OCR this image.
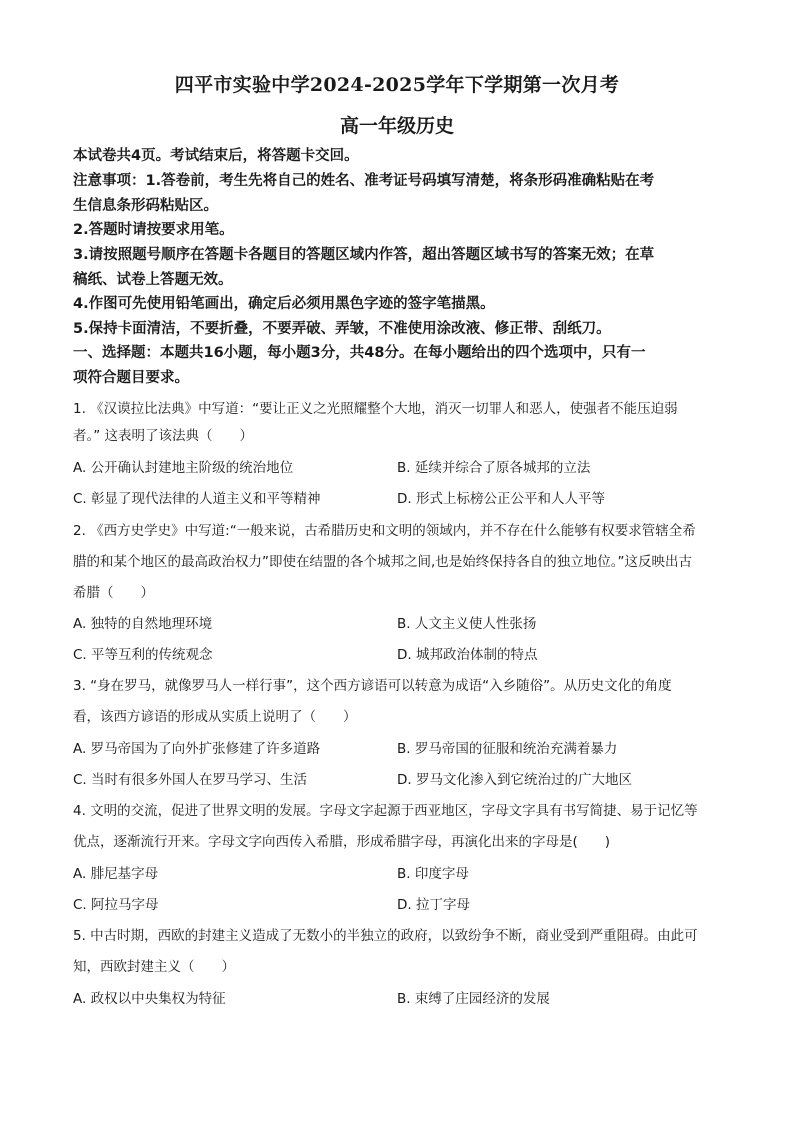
四平市实验中学2024-2025学年下学期第一次月考
高一年级历史
本试卷共4页。考试结束后，将答题卡交回。
注意事项：1.答卷前，考生先将自己的姓名、准考证号码填写清楚，将条形码准确粘贴在考
生信息条形码粘贴区。
2.答题时请按要求用笔。
3.请按照题号顺序在答题卡各题目的答题区域内作答，超出答题区域书写的答案无效；在草
稿纸、试卷上答题无效。
4.作图可先使用铅笔画出，确定后必须用黑色字迹的签字笔描黑。
5.保持卡面清洁，不要折叠，不要弄破、弄皱，不准使用涂改液、修正带、刮纸刀。
一、选择题：本题共16小题，每小题3分，共48分。在每小题给出的四个选项中，只有一
项符合题目要求。
1. 《汉谟拉比法典》中写道：“要让正义之光照耀整个大地，消灭一切罪人和恶人，使强者不能压迫弱
者。” 这表明了该法典（　　）
A. 公开确认封建地主阶级的统治地位	B. 延续并综合了原各城邦的立法
C. 彰显了现代法律的人道主义和平等精神	D. 形式上标榜公正公平和人人平等
2. 《西方史学史》中写道:“一般来说，古希腊历史和文明的领域内，并不存在什么能够有权要求管辖全希
腊的和某个地区的最高政治权力”即使在结盟的各个城邦之间,也是始终保持各自的独立地位。”这反映出古
希腊（　　）
A. 独特的自然地理环境	B. 人文主义使人性张扬
C. 平等互利的传统观念	D. 城邦政治体制的特点
3. “身在罗马，就像罗马人一样行事”，这个西方谚语可以转意为成语“入乡随俗”。从历史文化的角度
看，该西方谚语的形成从实质上说明了（　　）
A. 罗马帝国为了向外扩张修建了许多道路	B. 罗马帝国的征服和统治充满着暴力
C. 当时有很多外国人在罗马学习、生活	D. 罗马文化渗入到它统治过的广大地区
4. 文明的交流，促进了世界文明的发展。字母文字起源于西亚地区，字母文字具有书写简捷、易于记忆等
优点，逐渐流行开来。字母文字向西传入希腊，形成希腊字母，再演化出来的字母是(　　)
A. 腓尼基字母	B. 印度字母
C. 阿拉马字母	D. 拉丁字母
5. 中古时期，西欧的封建主义造成了无数小的半独立的政府，以致纷争不断，商业受到严重阻碍。由此可
知，西欧封建主义（　　）
A. 政权以中央集权为特征	B. 束缚了庄园经济的发展
